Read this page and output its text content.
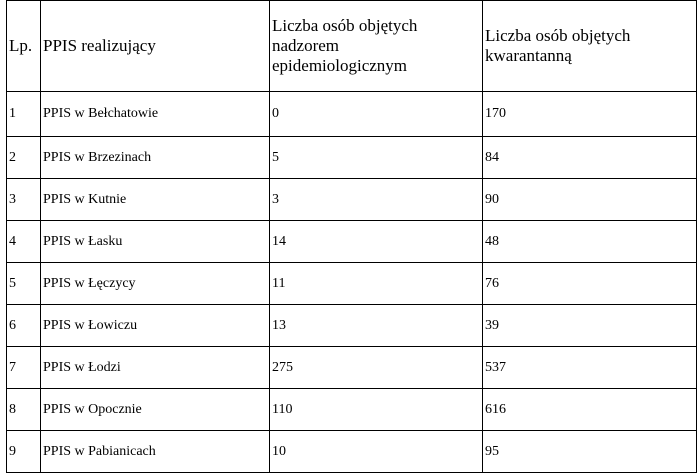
Lp.	PPIS realizujący	Liczba osób objętych nadzorem epidemiologicznym	Liczba osób objętych kwarantanną

1	PPIS w Bełchatowie	0	170

2	PPIS w Brzezinach	5	84

3	PPIS w Kutnie	3	90

4	PPIS w Łasku	14	48

5	PPIS w Łęczycy	11	76

6	PPIS w Łowiczu	13	39

7	PPIS w Łodzi	275	537

8	PPIS w Opocznie	110	616

9	PPIS w Pabianicach	10	95
